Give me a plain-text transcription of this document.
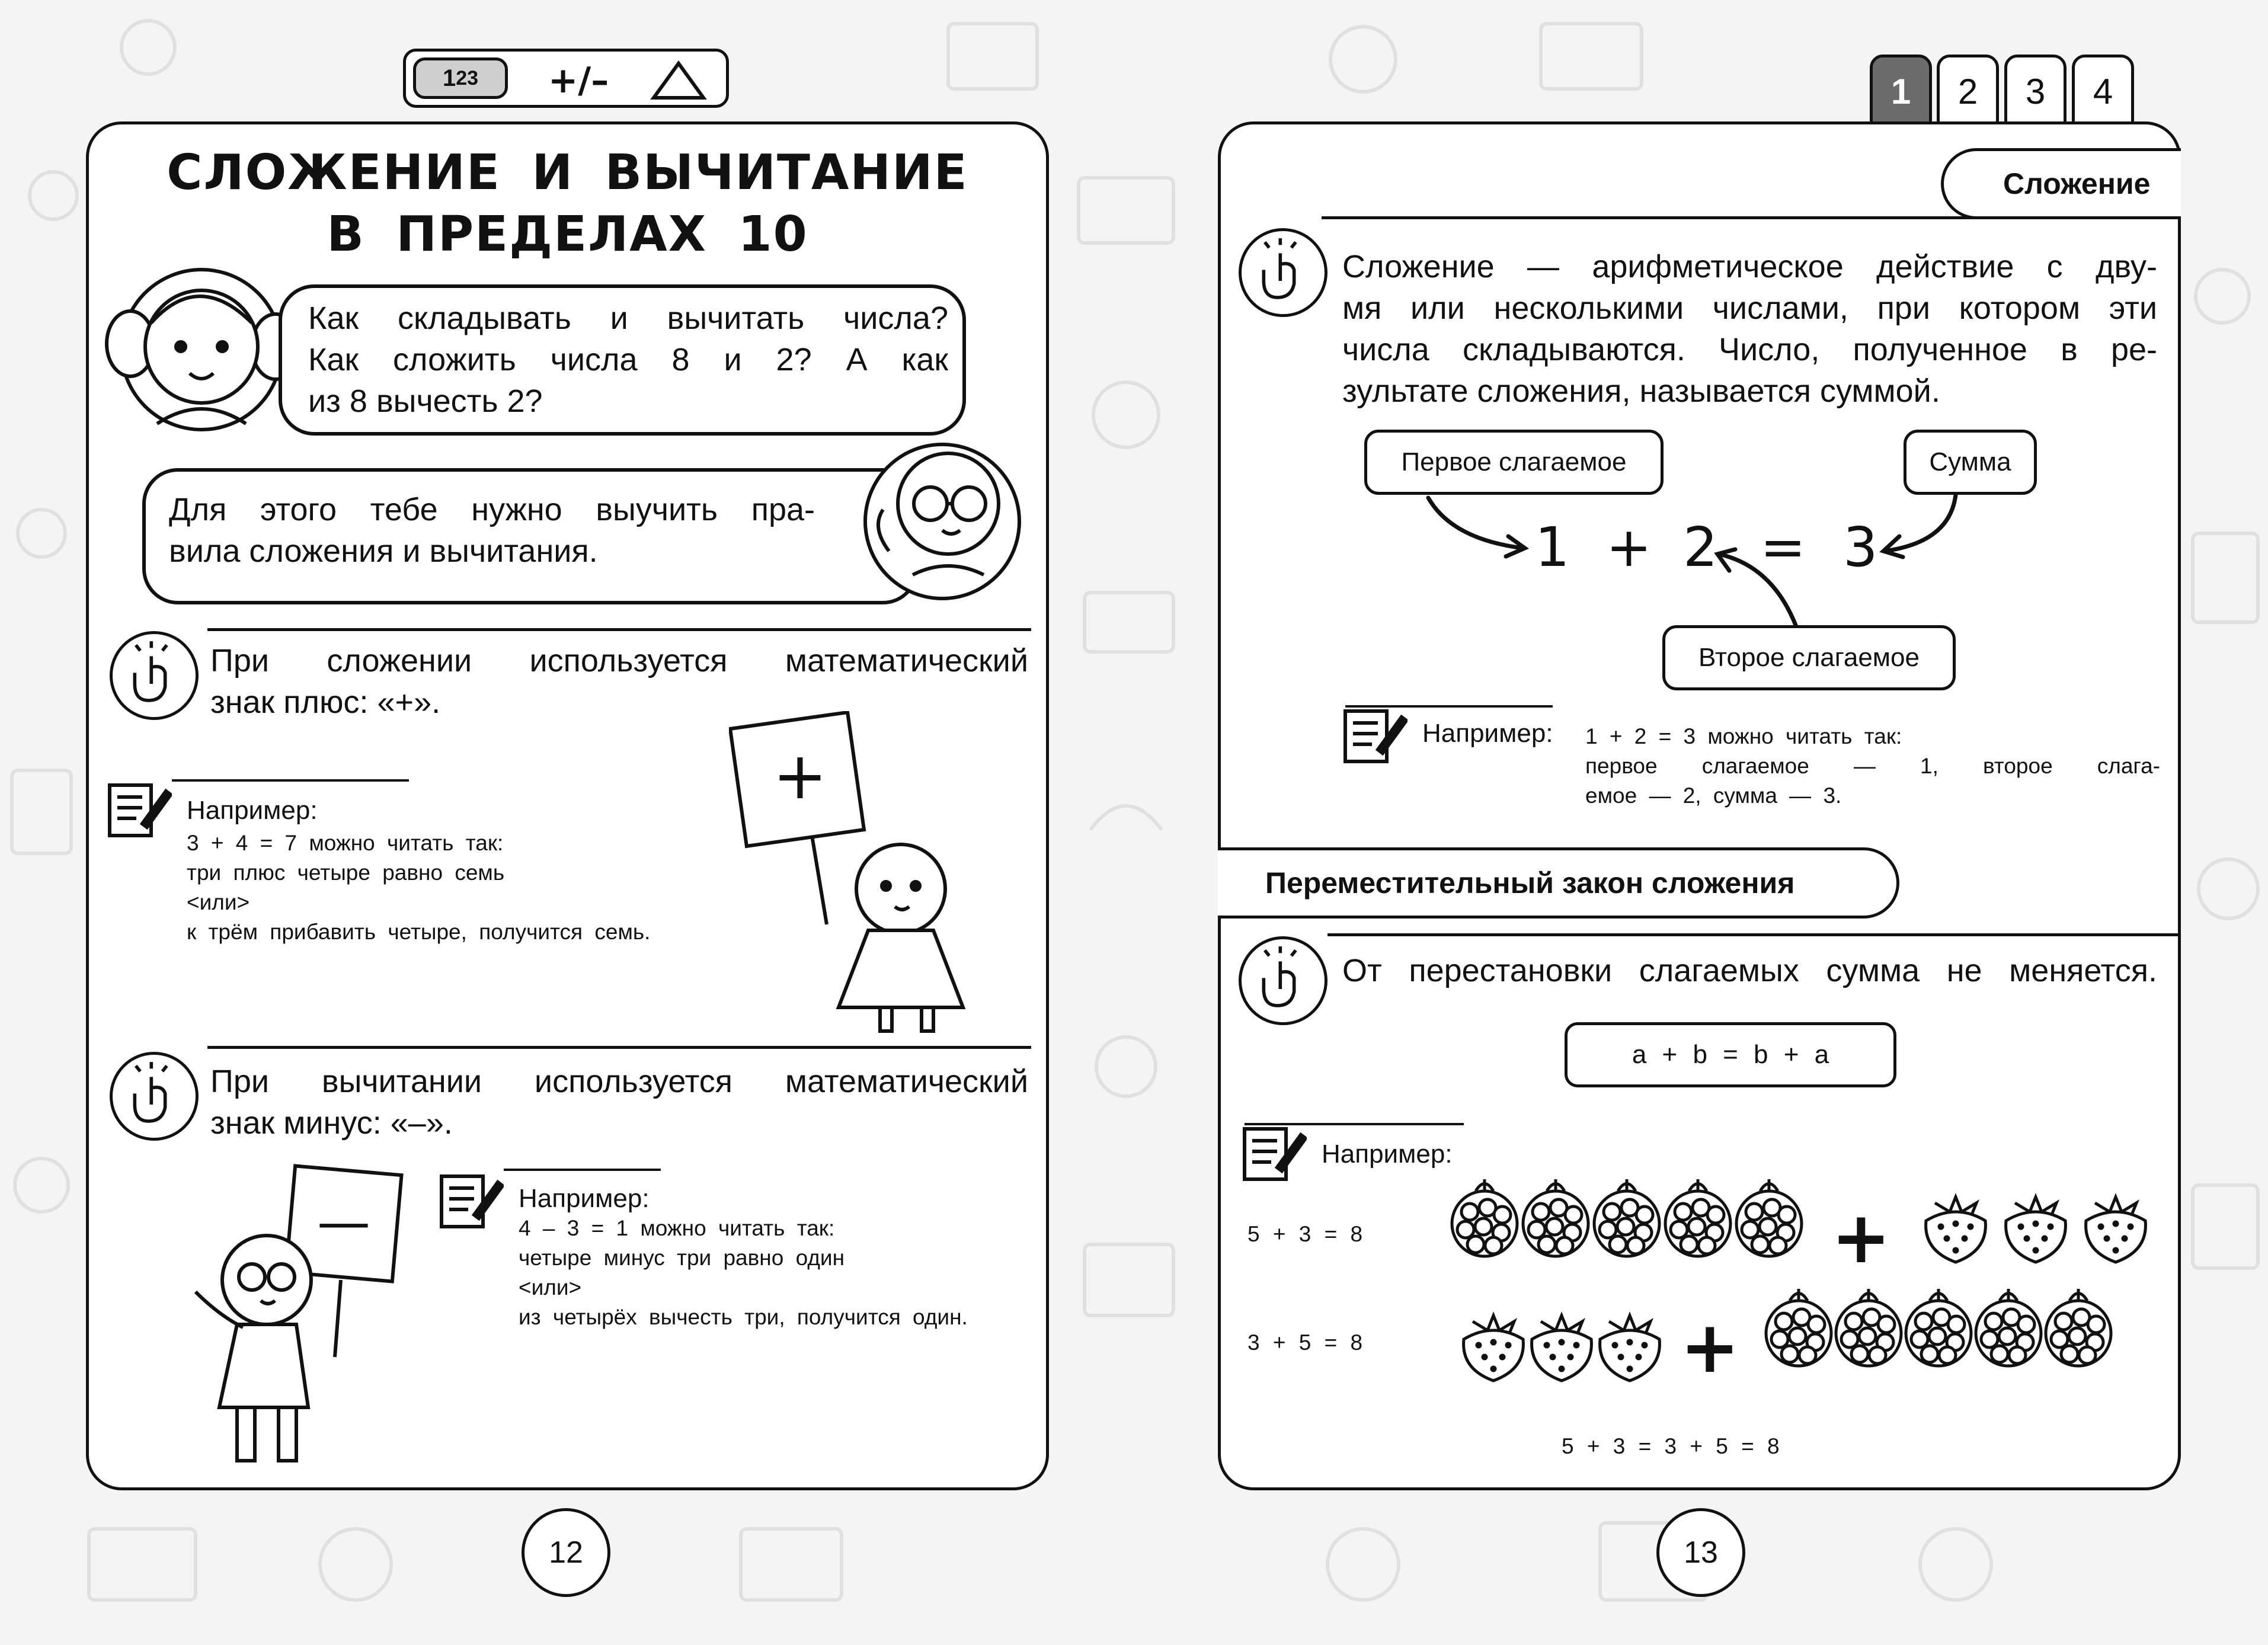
1 2 3 +/–	1	2	3	4
СЛОЖЕНИЕ И ВЫЧИТАНИЕ
В ПРЕДЕЛАХ 10
Как складывать и вычитать числа?
Как сложить числа 8 и 2? А как
из 8 вычесть 2?
Для этого тебе нужно выучить пра-
вила сложения и вычитания.
При сложении используется математический
знак плюс: «+».
Например:
3 + 4 = 7 можно читать так:
три плюс четыре равно семь
<или>
к трём прибавить четыре, получится семь.
+
При вычитании используется математический
знак минус: «–».
Например:
4 – 3 = 1 можно читать так:
четыре минус три равно один
<или>
из четырёх вычесть три, получится один.
—
12
Сложение
Сложение — арифметическое действие с дву-
мя или несколькими числами, при котором эти
числа складываются. Число, полученное в ре-
зультате сложения, называется суммой.
Первое слагаемое	Сумма
Второе слагаемое
1 + 2 = 3
Например: 1 + 2 = 3 можно читать так:
первое слагаемое — 1, второе слага-
емое — 2, сумма — 3.
Переместительный закон сложения
От перестановки слагаемых сумма не меняется.
a + b = b + a
Например:
5 + 3 = 8
3 + 5 = 8
+
+
5 + 3 = 3 + 5 = 8
13
